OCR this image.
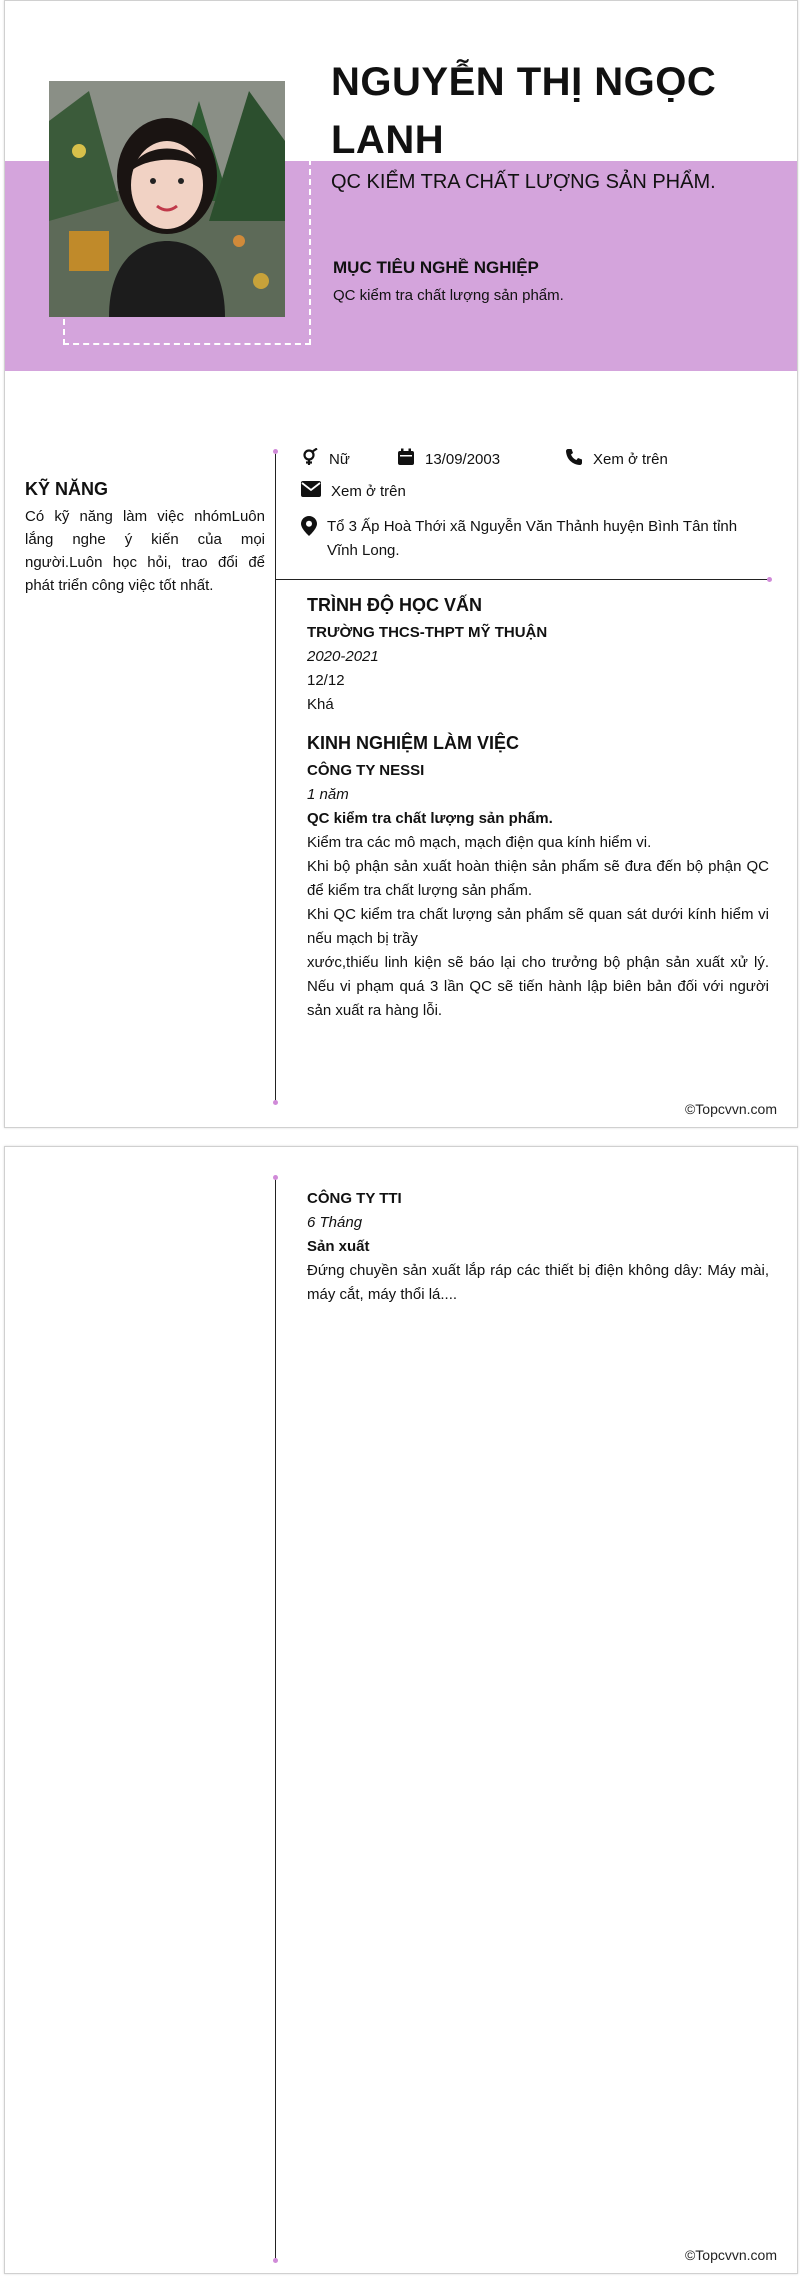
NGUYỄN THỊ NGỌC LANH
QC KIỂM TRA CHẤT LƯỢNG SẢN PHẨM.
MỤC TIÊU NGHỀ NGHIỆP
QC kiểm tra chất lượng sản phẩm.
KỸ NĂNG
Có kỹ năng làm việc nhómLuôn lắng nghe ý kiến của mọi người.Luôn học hỏi, trao đổi để phát triển công việc tốt nhất.
Nữ	13/09/2003	Xem ở trên
Xem ở trên
Tổ 3 Ấp Hoà Thới xã Nguyễn Văn Thảnh huyện Bình Tân tỉnh Vĩnh Long.
TRÌNH ĐỘ HỌC VẤN
TRƯỜNG THCS-THPT MỸ THUẬN
2020-2021
12/12
Khá
KINH NGHIỆM LÀM VIỆC
CÔNG TY NESSI
1 năm
QC kiểm tra chất lượng sản phẩm.
Kiểm tra các mô mạch, mạch điện qua kính hiểm vi.
Khi bộ phận sản xuất hoàn thiện sản phẩm sẽ đưa đến bộ phận QC để kiểm tra chất lượng sản phẩm.
Khi QC kiểm tra chất lượng sản phẩm sẽ quan sát dưới kính hiểm vi nếu mạch bị trầy
xước,thiếu linh kiện sẽ báo lại cho trưởng bộ phận sản xuất xử lý. Nếu vi phạm quá 3 lần QC sẽ tiến hành lập biên bản đối với người sản xuất ra hàng lỗi.
©Topcvvn.com
CÔNG TY TTI
6 Tháng
Sản xuất
Đứng chuyền sản xuất lắp ráp các thiết bị điện không dây: Máy mài, máy cắt, máy thổi lá....
©Topcvvn.com
